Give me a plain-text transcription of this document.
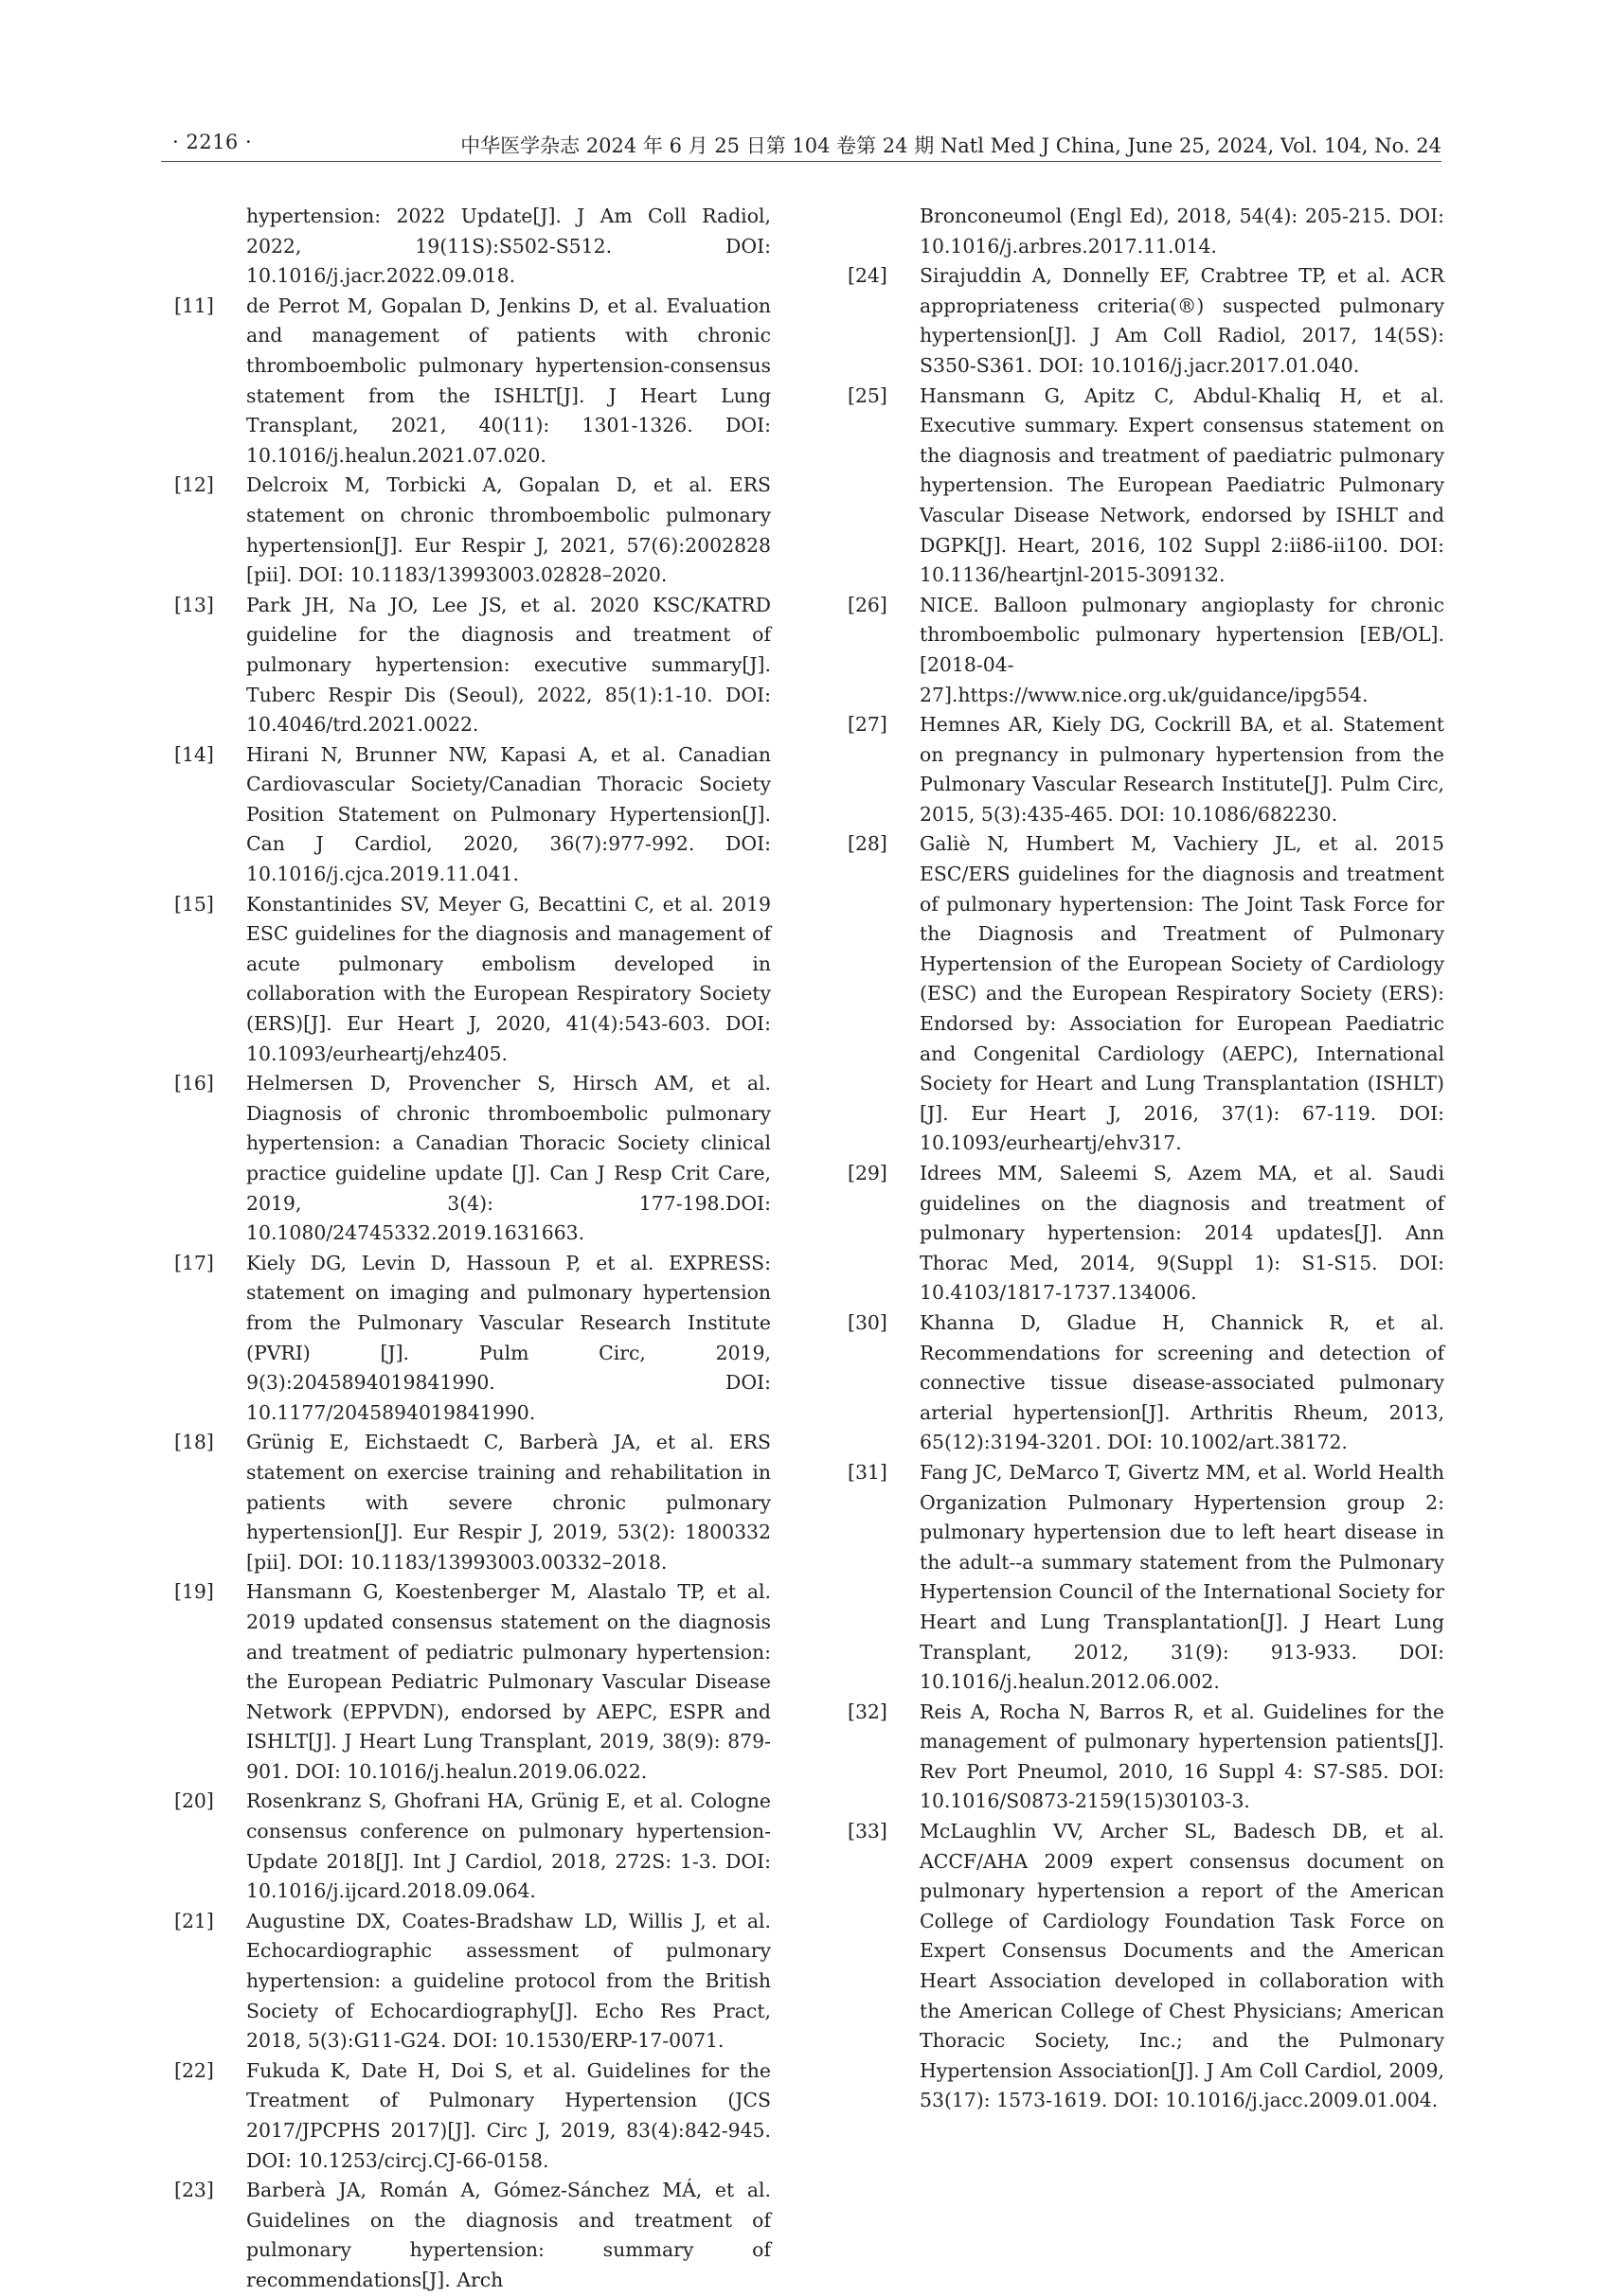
· 2216 ·	中华医学杂志 2024 年 6 月 25 日第 104 卷第 24 期 Natl Med J China, June 25, 2024, Vol. 104, No. 24
hypertension: 2022 Update[J]. J Am Coll Radiol, 2022, 19(11S):S502-S512. DOI: 10.1016/j.jacr.2022.09.018.
[11] de Perrot M, Gopalan D, Jenkins D, et al. Evaluation and management of patients with chronic thromboembolic pulmonary hypertension-consensus statement from the ISHLT[J]. J Heart Lung Transplant, 2021, 40(11): 1301-1326. DOI: 10.1016/j.healun.2021.07.020.
[12] Delcroix M, Torbicki A, Gopalan D, et al. ERS statement on chronic thromboembolic pulmonary hypertension[J]. Eur Respir J, 2021, 57(6):2002828 [pii]. DOI: 10.1183/13993003.02828–2020.
[13] Park JH, Na JO, Lee JS, et al. 2020 KSC/KATRD guideline for the diagnosis and treatment of pulmonary hypertension: executive summary[J]. Tuberc Respir Dis (Seoul), 2022, 85(1):1-10. DOI: 10.4046/trd.2021.0022.
[14] Hirani N, Brunner NW, Kapasi A, et al. Canadian Cardiovascular Society/Canadian Thoracic Society Position Statement on Pulmonary Hypertension[J]. Can J Cardiol, 2020, 36(7):977-992. DOI: 10.1016/j.cjca.2019.11.041.
[15] Konstantinides SV, Meyer G, Becattini C, et al. 2019 ESC guidelines for the diagnosis and management of acute pulmonary embolism developed in collaboration with the European Respiratory Society (ERS)[J]. Eur Heart J, 2020, 41(4):543-603. DOI: 10.1093/eurheartj/ehz405.
[16] Helmersen D, Provencher S, Hirsch AM, et al. Diagnosis of chronic thromboembolic pulmonary hypertension: a Canadian Thoracic Society clinical practice guideline update [J]. Can J Resp Crit Care, 2019, 3(4): 177-198.DOI: 10.1080/24745332.2019.1631663.
[17] Kiely DG, Levin D, Hassoun P, et al. EXPRESS: statement on imaging and pulmonary hypertension from the Pulmonary Vascular Research Institute (PVRI) [J]. Pulm Circ, 2019, 9(3):2045894019841990. DOI: 10.1177/2045894019841990.
[18] Grünig E, Eichstaedt C, Barberà JA, et al. ERS statement on exercise training and rehabilitation in patients with severe chronic pulmonary hypertension[J]. Eur Respir J, 2019, 53(2): 1800332 [pii]. DOI: 10.1183/13993003.00332–2018.
[19] Hansmann G, Koestenberger M, Alastalo TP, et al. 2019 updated consensus statement on the diagnosis and treatment of pediatric pulmonary hypertension: the European Pediatric Pulmonary Vascular Disease Network (EPPVDN), endorsed by AEPC, ESPR and ISHLT[J]. J Heart Lung Transplant, 2019, 38(9): 879-901. DOI: 10.1016/j.healun.2019.06.022.
[20] Rosenkranz S, Ghofrani HA, Grünig E, et al. Cologne consensus conference on pulmonary hypertension-Update 2018[J]. Int J Cardiol, 2018, 272S: 1-3. DOI: 10.1016/j.ijcard.2018.09.064.
[21] Augustine DX, Coates-Bradshaw LD, Willis J, et al. Echocardiographic assessment of pulmonary hypertension: a guideline protocol from the British Society of Echocardiography[J]. Echo Res Pract, 2018, 5(3):G11-G24. DOI: 10.1530/ERP-17-0071.
[22] Fukuda K, Date H, Doi S, et al. Guidelines for the Treatment of Pulmonary Hypertension (JCS 2017/JPCPHS 2017)[J]. Circ J, 2019, 83(4):842-945. DOI: 10.1253/circj.CJ-66-0158.
[23] Barberà JA, Román A, Gómez-Sánchez MÁ, et al. Guidelines on the diagnosis and treatment of pulmonary hypertension: summary of recommendations[J]. Arch
Bronconeumol (Engl Ed), 2018, 54(4): 205-215. DOI: 10.1016/j.arbres.2017.11.014.
[24] Sirajuddin A, Donnelly EF, Crabtree TP, et al. ACR appropriateness criteria(®) suspected pulmonary hypertension[J]. J Am Coll Radiol, 2017, 14(5S): S350-S361. DOI: 10.1016/j.jacr.2017.01.040.
[25] Hansmann G, Apitz C, Abdul-Khaliq H, et al. Executive summary. Expert consensus statement on the diagnosis and treatment of paediatric pulmonary hypertension. The European Paediatric Pulmonary Vascular Disease Network, endorsed by ISHLT and DGPK[J]. Heart, 2016, 102 Suppl 2:ii86-ii100. DOI: 10.1136/heartjnl-2015-309132.
[26] NICE. Balloon pulmonary angioplasty for chronic thromboembolic pulmonary hypertension [EB/OL]. [2018-04-27].https://www.nice.org.uk/guidance/ipg554.
[27] Hemnes AR, Kiely DG, Cockrill BA, et al. Statement on pregnancy in pulmonary hypertension from the Pulmonary Vascular Research Institute[J]. Pulm Circ, 2015, 5(3):435-465. DOI: 10.1086/682230.
[28] Galiè N, Humbert M, Vachiery JL, et al. 2015 ESC/ERS guidelines for the diagnosis and treatment of pulmonary hypertension: The Joint Task Force for the Diagnosis and Treatment of Pulmonary Hypertension of the European Society of Cardiology (ESC) and the European Respiratory Society (ERS): Endorsed by: Association for European Paediatric and Congenital Cardiology (AEPC), International Society for Heart and Lung Transplantation (ISHLT) [J]. Eur Heart J, 2016, 37(1): 67-119. DOI: 10.1093/eurheartj/ehv317.
[29] Idrees MM, Saleemi S, Azem MA, et al. Saudi guidelines on the diagnosis and treatment of pulmonary hypertension: 2014 updates[J]. Ann Thorac Med, 2014, 9(Suppl 1): S1-S15. DOI: 10.4103/1817-1737.134006.
[30] Khanna D, Gladue H, Channick R, et al. Recommendations for screening and detection of connective tissue disease-associated pulmonary arterial hypertension[J]. Arthritis Rheum, 2013, 65(12):3194-3201. DOI: 10.1002/art.38172.
[31] Fang JC, DeMarco T, Givertz MM, et al. World Health Organization Pulmonary Hypertension group 2: pulmonary hypertension due to left heart disease in the adult--a summary statement from the Pulmonary Hypertension Council of the International Society for Heart and Lung Transplantation[J]. J Heart Lung Transplant, 2012, 31(9): 913-933. DOI: 10.1016/j.healun.2012.06.002.
[32] Reis A, Rocha N, Barros R, et al. Guidelines for the management of pulmonary hypertension patients[J]. Rev Port Pneumol, 2010, 16 Suppl 4: S7-S85. DOI: 10.1016/S0873-2159(15)30103-3.
[33] McLaughlin VV, Archer SL, Badesch DB, et al. ACCF/AHA 2009 expert consensus document on pulmonary hypertension a report of the American College of Cardiology Foundation Task Force on Expert Consensus Documents and the American Heart Association developed in collaboration with the American College of Chest Physicians; American Thoracic Society, Inc.; and the Pulmonary Hypertension Association[J]. J Am Coll Cardiol, 2009, 53(17): 1573-1619. DOI: 10.1016/j.jacc.2009.01.004.
